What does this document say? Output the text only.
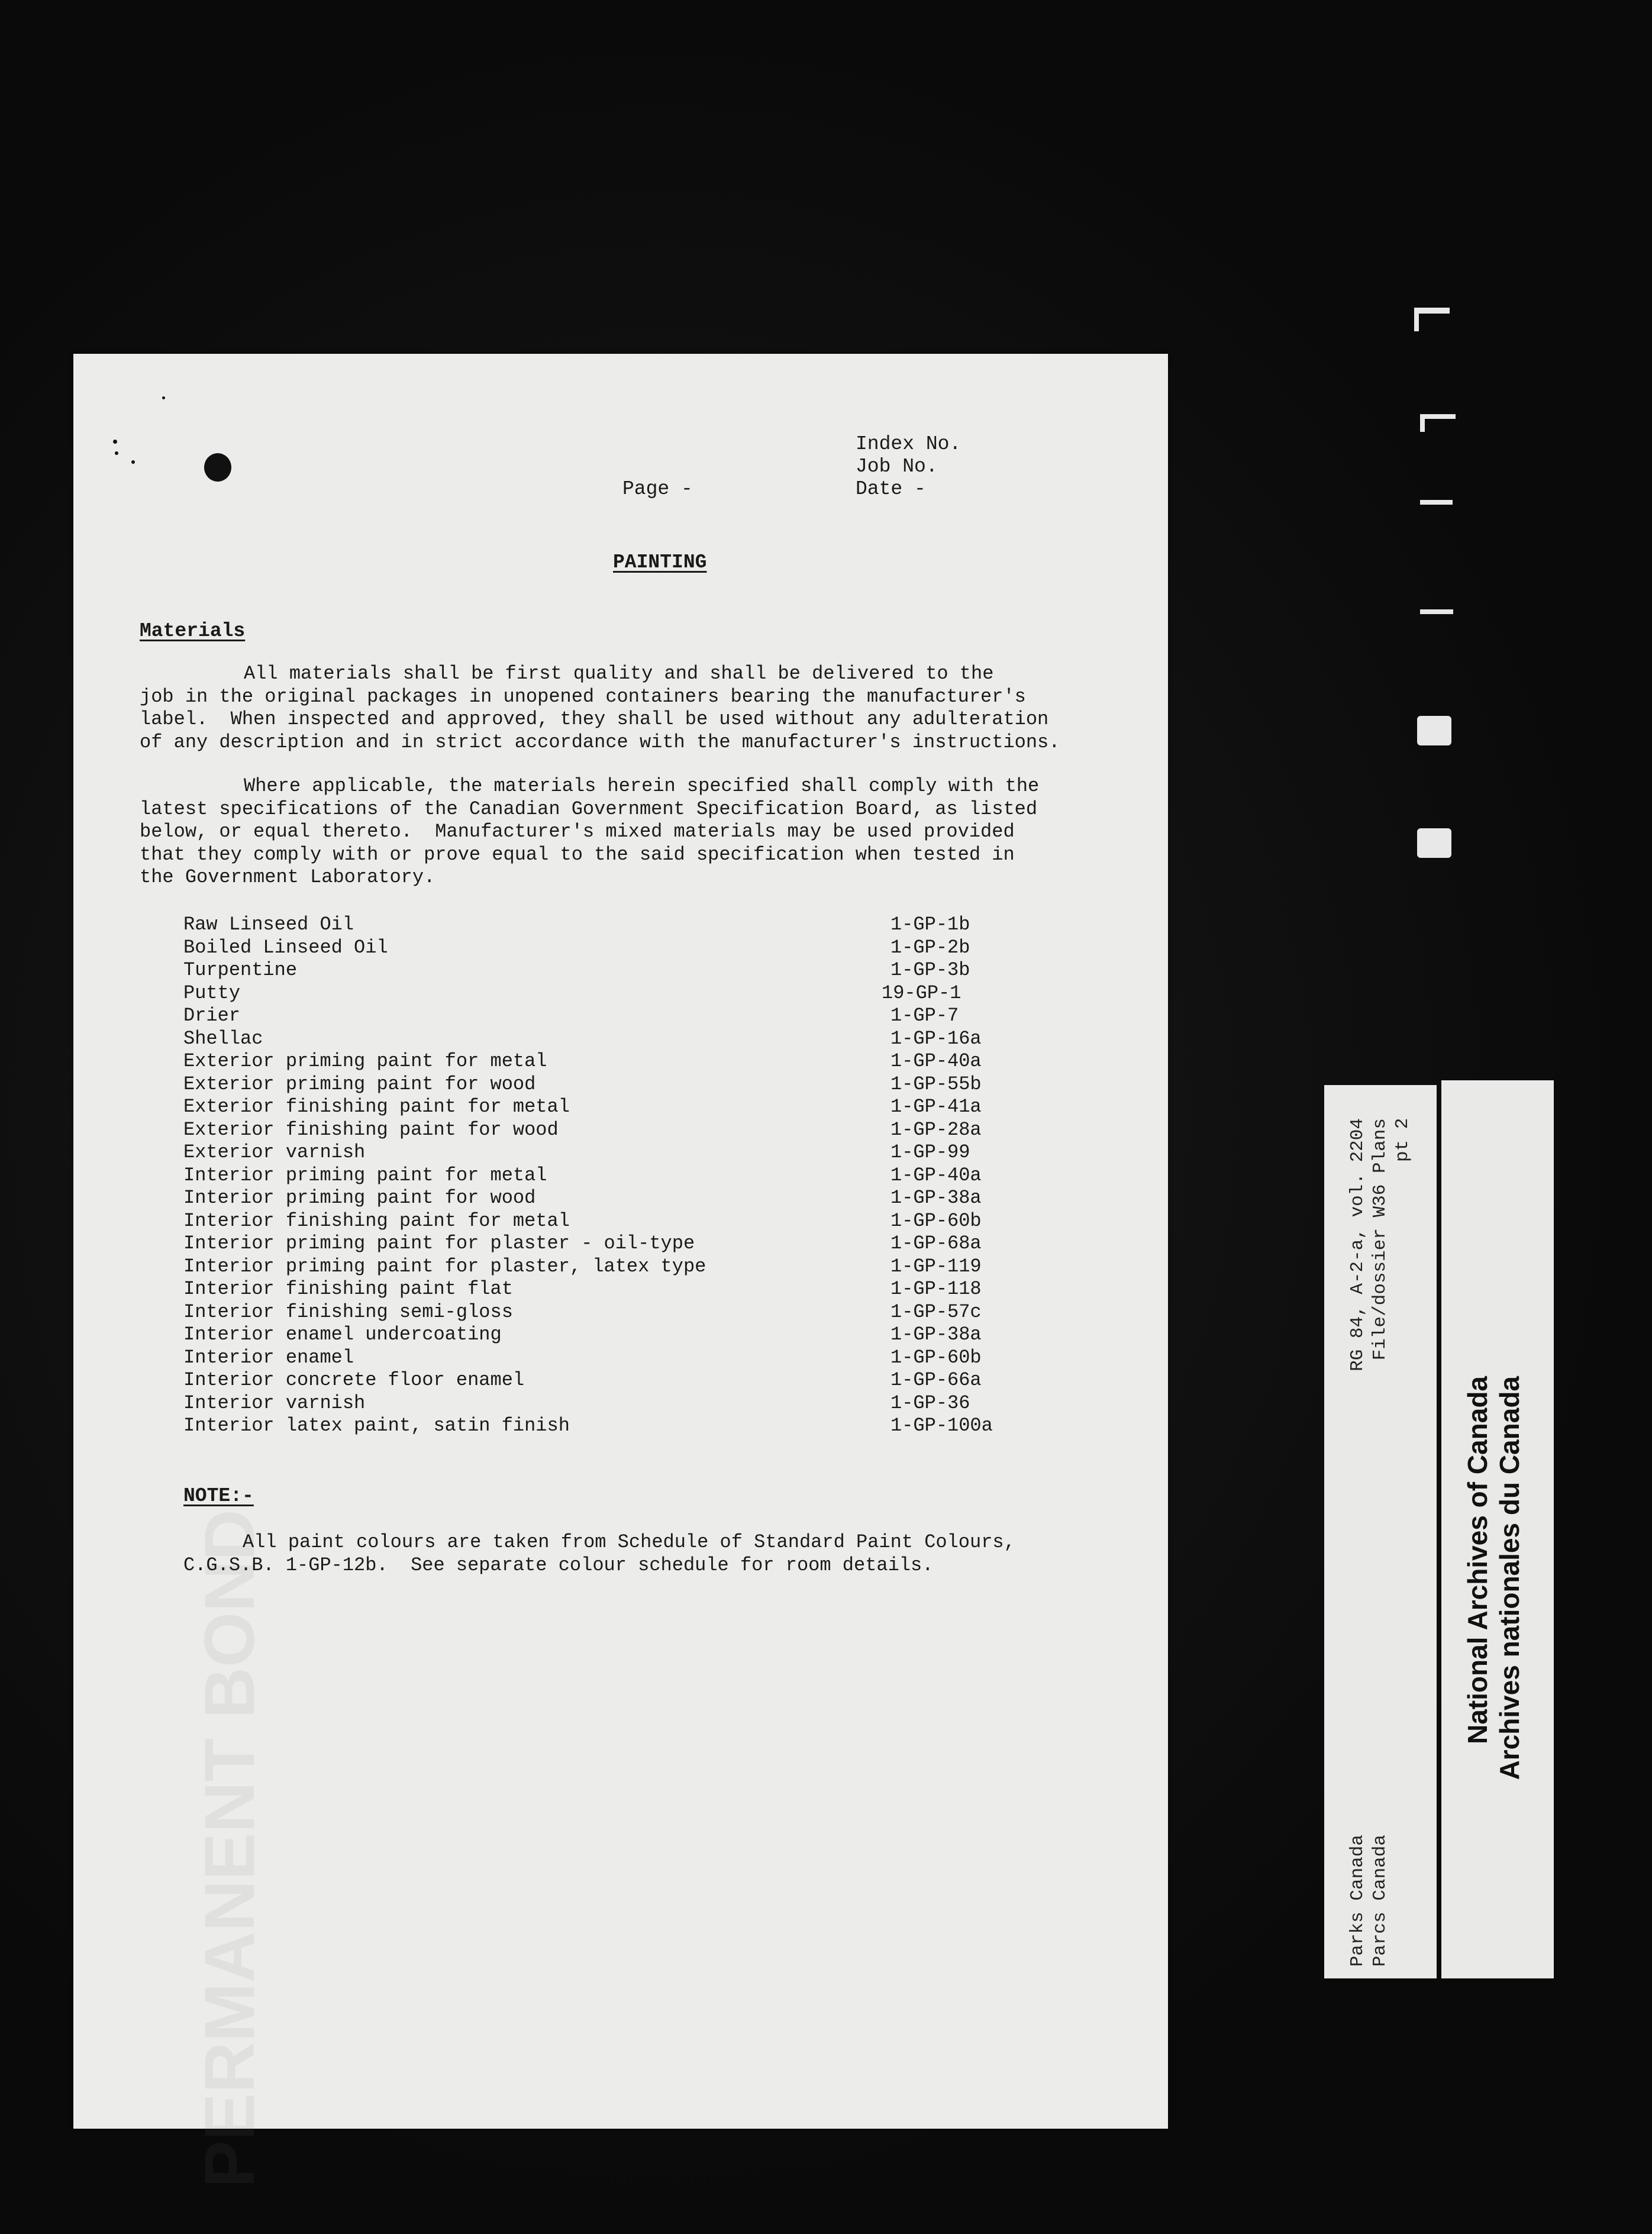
PERMANENT BOND
Index No.
Job No.
Page -	Date -
PAINTING
Materials
All materials shall be first quality and shall be delivered to the
job in the original packages in unopened containers bearing the manufacturer's
label.  When inspected and approved, they shall be used without any adulteration
of any description and in strict accordance with the manufacturer's instructions.
Where applicable, the materials herein specified shall comply with the
latest specifications of the Canadian Government Specification Board, as listed
below, or equal thereto.  Manufacturer's mixed materials may be used provided
that they comply with or prove equal to the said specification when tested in
the Government Laboratory.
Raw Linseed Oil	1-GP-1b
Boiled Linseed Oil	1-GP-2b
Turpentine	1-GP-3b
Putty	19-GP-1
Drier	1-GP-7
Shellac	1-GP-16a
Exterior priming paint for metal	1-GP-40a
Exterior priming paint for wood	1-GP-55b
Exterior finishing paint for metal	1-GP-41a
Exterior finishing paint for wood	1-GP-28a
Exterior varnish	1-GP-99
Interior priming paint for metal	1-GP-40a
Interior priming paint for wood	1-GP-38a
Interior finishing paint for metal	1-GP-60b
Interior priming paint for plaster - oil-type	1-GP-68a
Interior priming paint for plaster, latex type	1-GP-119
Interior finishing paint flat	1-GP-118
Interior finishing semi-gloss	1-GP-57c
Interior enamel undercoating	1-GP-38a
Interior enamel	1-GP-60b
Interior concrete floor enamel	1-GP-66a
Interior varnish	1-GP-36
Interior latex paint, satin finish	1-GP-100a
NOTE:-
All paint colours are taken from Schedule of Standard Paint Colours,
C.G.S.B. 1-GP-12b.  See separate colour schedule for room details.
Parks Canada Parcs Canada
RG 84, A-2-a, vol. 2204 File/dossier W36 Plans pt 2
National Archives of Canada Archives nationales du Canada
